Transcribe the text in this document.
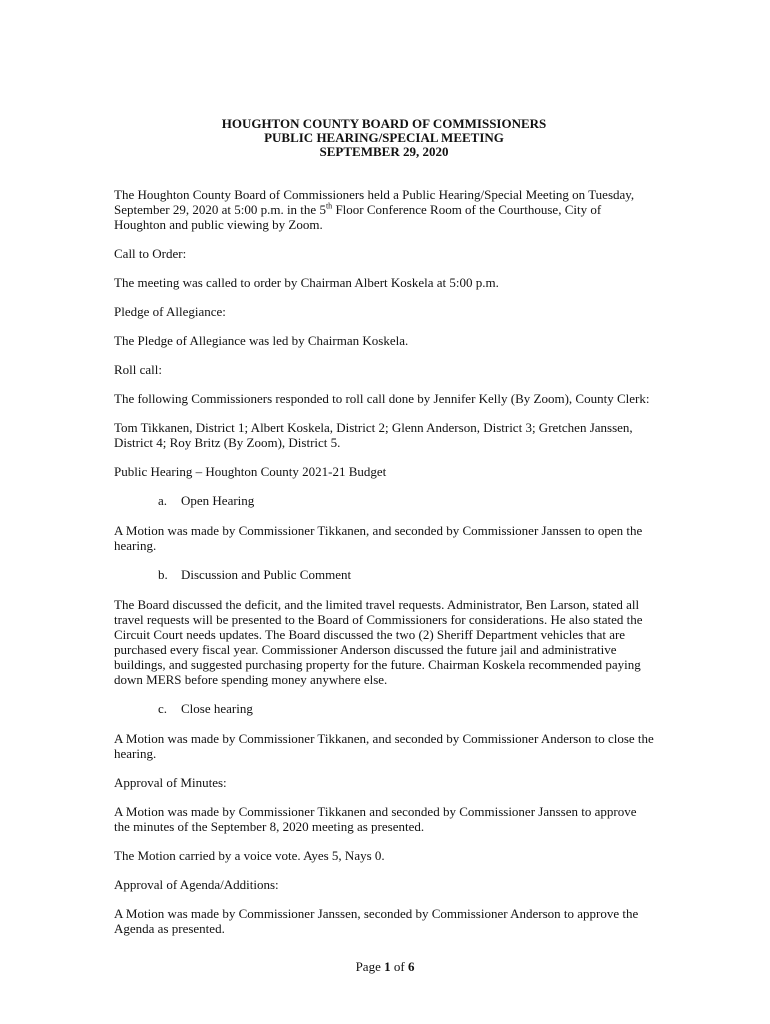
HOUGHTON COUNTY BOARD OF COMMISSIONERS
PUBLIC HEARING/SPECIAL MEETING
SEPTEMBER 29, 2020

The Houghton County Board of Commissioners held a Public Hearing/Special Meeting on Tuesday, September 29, 2020 at 5:00 p.m. in the 5th Floor Conference Room of the Courthouse, City of Houghton and public viewing by Zoom.

Call to Order:

The meeting was called to order by Chairman Albert Koskela at 5:00 p.m.

Pledge of Allegiance:

The Pledge of Allegiance was led by Chairman Koskela.

Roll call:

The following Commissioners responded to roll call done by Jennifer Kelly (By Zoom), County Clerk:

Tom Tikkanen, District 1; Albert Koskela, District 2; Glenn Anderson, District 3; Gretchen Janssen, District 4; Roy Britz (By Zoom), District 5.

Public Hearing – Houghton County 2021-21 Budget

a. Open Hearing

A Motion was made by Commissioner Tikkanen, and seconded by Commissioner Janssen to open the hearing.

b. Discussion and Public Comment

The Board discussed the deficit, and the limited travel requests. Administrator, Ben Larson, stated all travel requests will be presented to the Board of Commissioners for considerations. He also stated the Circuit Court needs updates. The Board discussed the two (2) Sheriff Department vehicles that are purchased every fiscal year. Commissioner Anderson discussed the future jail and administrative buildings, and suggested purchasing property for the future. Chairman Koskela recommended paying down MERS before spending money anywhere else.

c. Close hearing

A Motion was made by Commissioner Tikkanen, and seconded by Commissioner Anderson to close the hearing.

Approval of Minutes:

A Motion was made by Commissioner Tikkanen and seconded by Commissioner Janssen to approve the minutes of the September 8, 2020 meeting as presented.

The Motion carried by a voice vote. Ayes 5, Nays 0.

Approval of Agenda/Additions:

A Motion was made by Commissioner Janssen, seconded by Commissioner Anderson to approve the Agenda as presented.

Page 1 of 6
